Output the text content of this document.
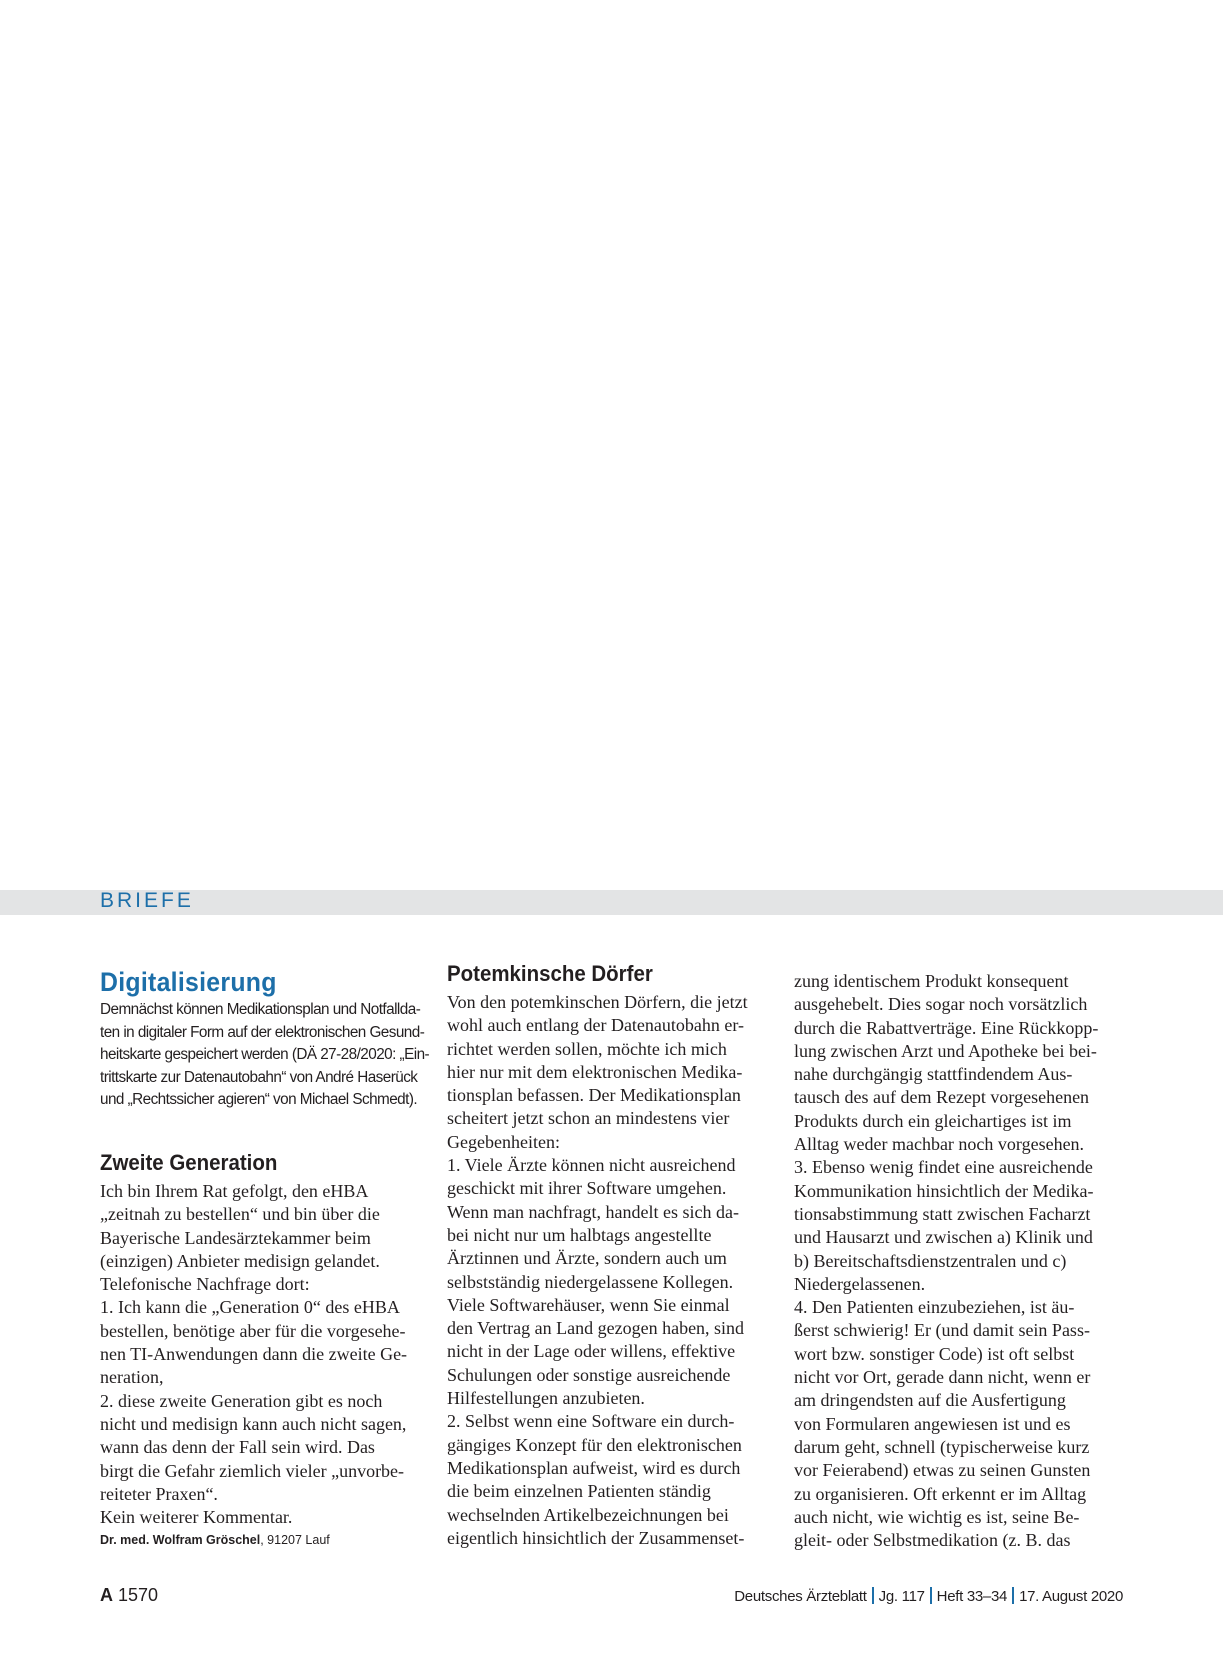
BRIEFE
Digitalisierung
Demnächst können Medikationsplan und Notfallda-
ten in digitaler Form auf der elektronischen Gesund-
heitskarte gespeichert werden (DÄ 27-28/2020: „Ein-
trittskarte zur Datenautobahn“ von André Haserück
und „Rechtssicher agieren“ von Michael Schmedt).
Zweite Generation
Ich bin Ihrem Rat gefolgt, den eHBA
„zeitnah zu bestellen“ und bin über die
Bayerische Landesärztekammer beim
(einzigen) Anbieter medisign gelandet.
Telefonische Nachfrage dort:
1. Ich kann die „Generation 0“ des eHBA
bestellen, benötige aber für die vorgesehe-
nen TI-Anwendungen dann die zweite Ge-
neration,
2. diese zweite Generation gibt es noch
nicht und medisign kann auch nicht sagen,
wann das denn der Fall sein wird. Das
birgt die Gefahr ziemlich vieler „unvorbe-
reiteter Praxen“.
Kein weiterer Kommentar.
Dr. med. Wolfram Gröschel, 91207 Lauf
Potemkinsche Dörfer
Von den potemkinschen Dörfern, die jetzt
wohl auch entlang der Datenautobahn er-
richtet werden sollen, möchte ich mich
hier nur mit dem elektronischen Medika-
tionsplan befassen. Der Medikationsplan
scheitert jetzt schon an mindestens vier
Gegebenheiten:
1. Viele Ärzte können nicht ausreichend
geschickt mit ihrer Software umgehen.
Wenn man nachfragt, handelt es sich da-
bei nicht nur um halbtags angestellte
Ärztinnen und Ärzte, sondern auch um
selbstständig niedergelassene Kollegen.
Viele Softwarehäuser, wenn Sie einmal
den Vertrag an Land gezogen haben, sind
nicht in der Lage oder willens, effektive
Schulungen oder sonstige ausreichende
Hilfestellungen anzubieten.
2. Selbst wenn eine Software ein durch-
gängiges Konzept für den elektronischen
Medikationsplan aufweist, wird es durch
die beim einzelnen Patienten ständig
wechselnden Artikelbezeichnungen bei
eigentlich hinsichtlich der Zusammenset-
zung identischem Produkt konsequent
ausgehebelt. Dies sogar noch vorsätzlich
durch die Rabattverträge. Eine Rückkopp-
lung zwischen Arzt und Apotheke bei bei-
nahe durchgängig stattfindendem Aus-
tausch des auf dem Rezept vorgesehenen
Produkts durch ein gleichartiges ist im
Alltag weder machbar noch vorgesehen.
3. Ebenso wenig findet eine ausreichende
Kommunikation hinsichtlich der Medika-
tionsabstimmung statt zwischen Facharzt
und Hausarzt und zwischen a) Klinik und
b) Bereitschaftsdienstzentralen und c)
Niedergelassenen.
4. Den Patienten einzubeziehen, ist äu-
ßerst schwierig! Er (und damit sein Pass-
wort bzw. sonstiger Code) ist oft selbst
nicht vor Ort, gerade dann nicht, wenn er
am dringendsten auf die Ausfertigung
von Formularen angewiesen ist und es
darum geht, schnell (typischerweise kurz
vor Feierabend) etwas zu seinen Gunsten
zu organisieren. Oft erkennt er im Alltag
auch nicht, wie wichtig es ist, seine Be-
gleit- oder Selbstmedikation (z. B. das
A 1570	Deutsches Ärzteblatt Jg. 117 Heft 33–34 17. August 2020
